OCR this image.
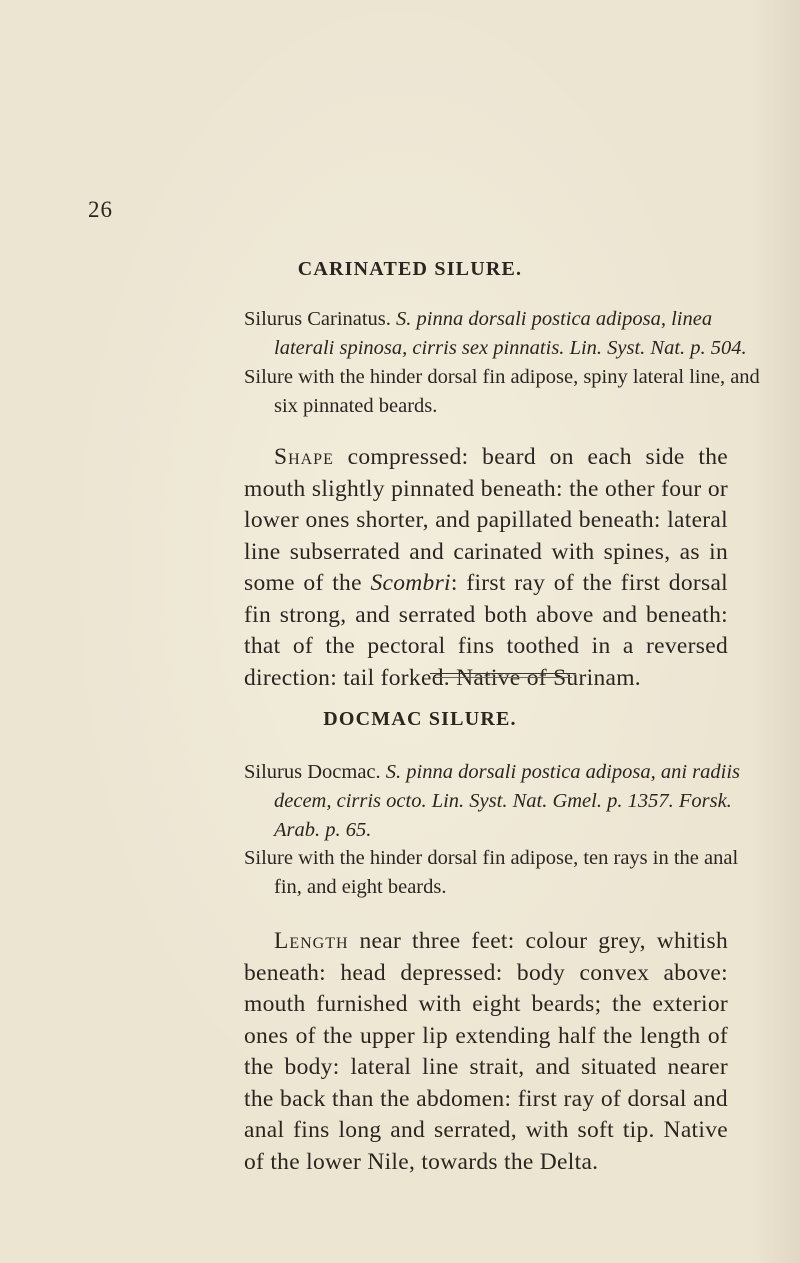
26
CARINATED SILURE.
Silurus Carinatus. S. pinna dorsali postica adiposa, linea laterali spinosa, cirris sex pinnatis. Lin. Syst. Nat. p. 504.
Silure with the hinder dorsal fin adipose, spiny lateral line, and six pinnated beards.
Shape compressed: beard on each side the mouth slightly pinnated beneath: the other four or lower ones shorter, and papillated beneath: lateral line subserrated and carinated with spines, as in some of the Scombri: first ray of the first dorsal fin strong, and serrated both above and beneath: that of the pectoral fins toothed in a reversed direction: tail forked. Native of Surinam.
DOCMAC SILURE.
Silurus Docmac. S. pinna dorsali postica adiposa, ani radiis decem, cirris octo. Lin. Syst. Nat. Gmel. p. 1357. Forsk. Arab. p. 65.
Silure with the hinder dorsal fin adipose, ten rays in the anal fin, and eight beards.
Length near three feet: colour grey, whitish beneath: head depressed: body convex above: mouth furnished with eight beards; the exterior ones of the upper lip extending half the length of the body: lateral line strait, and situated nearer the back than the abdomen: first ray of dorsal and anal fins long and serrated, with soft tip. Native of the lower Nile, towards the Delta.
